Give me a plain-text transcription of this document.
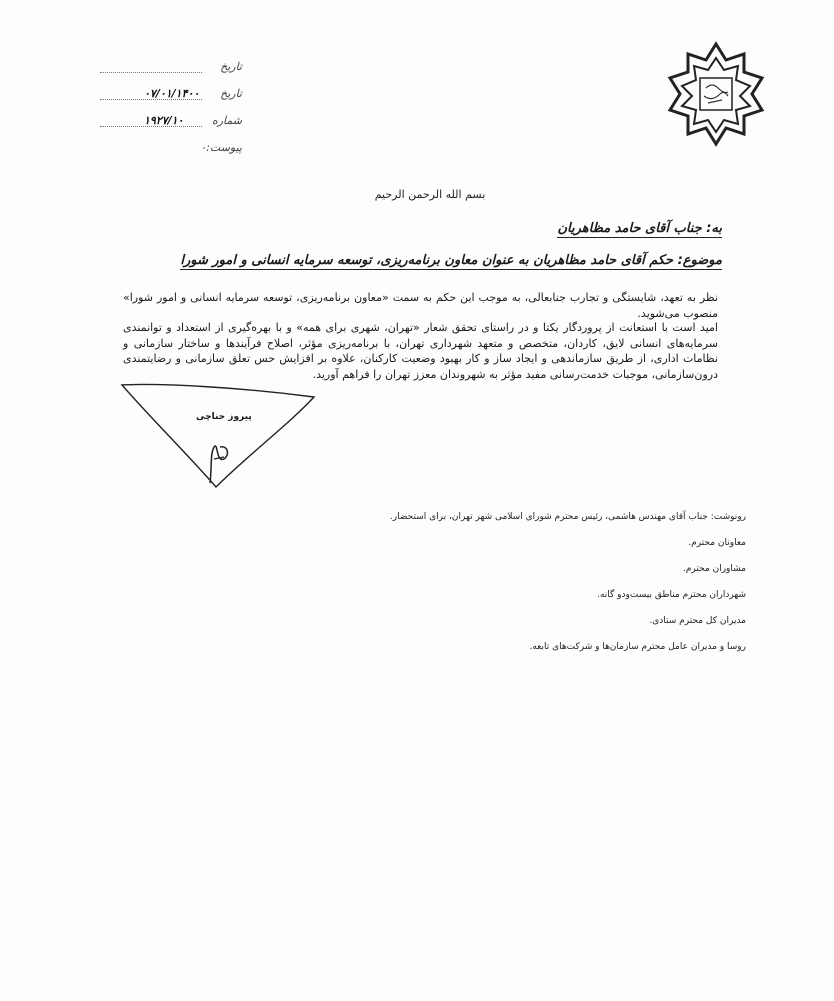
تاریخ
تاریخ
۰۷/۰۱/۱۴۰۰
شماره
۱۹۲۷/۱۰
پیوست:۰
بسم الله الرحمن الرحیم
به: جناب آقای حامد مظاهریان
موضوع: حکم آقای حامد مظاهریان به عنوان معاون برنامه‌ریزی، توسعه سرمایه انسانی و امور شورا
نظر به تعهد، شایستگی و تجارب جنابعالی، به موجب این حکم به سمت «معاون برنامه‌ریزی، توسعه سرمایه انسانی و امور شورا» منصوب می‌شوید.
امید است با استعانت از پروردگار یکتا و در راستای تحقق شعار «تهران، شهری برای همه» و با بهره‌گیری از استعداد و توانمندی سرمایه‌های انسانی لایق، کاردان، متخصص و متعهد شهرداری تهران، با برنامه‌ریزی مؤثر، اصلاح فرآیندها و ساختار سازمانی و نظامات اداری، از طریق سازماندهی و ایجاد ساز و کار بهبود وضعیت کارکنان، علاوه بر افزایش حس تعلق سازمانی و رضایتمندی درون‌سازمانی، موجبات خدمت‌رسانی مفید مؤثر به شهروندان معزز تهران را فراهم آورید.
پیروز حناچی
رونوشت: جناب آقای مهندس هاشمی، رئیس محترم شورای اسلامی شهر تهران، برای استحضار.
معاونان محترم.
مشاوران محترم.
شهرداران محترم مناطق بیست‌ودو گانه.
مدیران کل محترم ستادی.
روسا و مدیران عامل محترم سازمان‌ها و شرکت‌های تابعه.
